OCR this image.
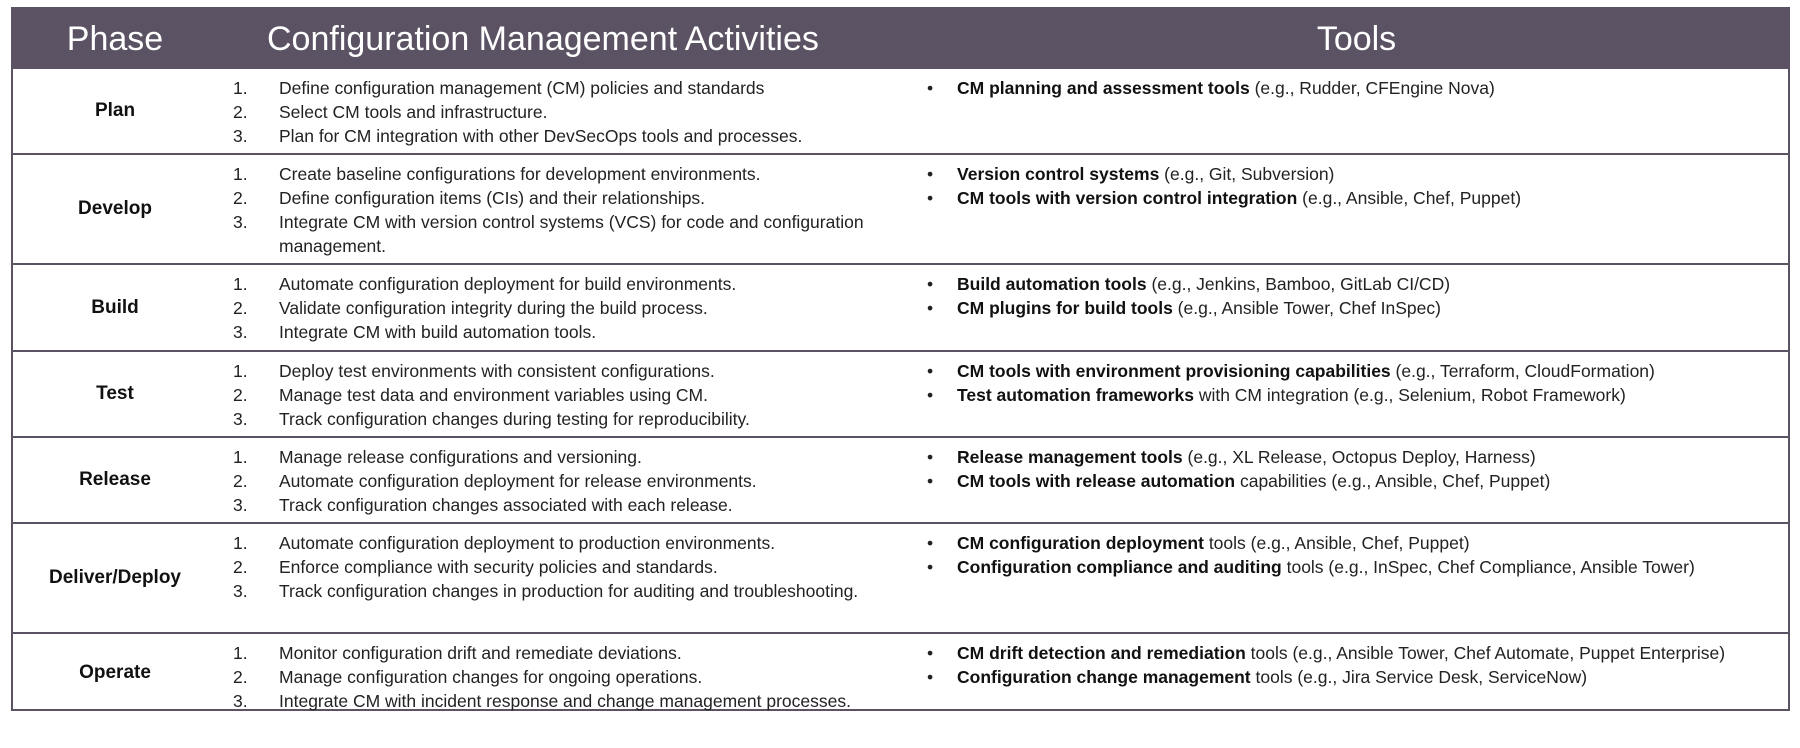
Phase	Configuration Management Activities	Tools
Plan
1.	Define configuration management (CM) policies and standards
2.	Select CM tools and infrastructure.
3.	Plan for CM integration with other DevSecOps tools and processes.
•	CM planning and assessment tools (e.g., Rudder, CFEngine Nova)
Develop
1.	Create baseline configurations for development environments.
2.	Define configuration items (CIs) and their relationships.
3.	Integrate CM with version control systems (VCS) for code and configuration management.
•	Version control systems (e.g., Git, Subversion)
•	CM tools with version control integration (e.g., Ansible, Chef, Puppet)
Build
1.	Automate configuration deployment for build environments.
2.	Validate configuration integrity during the build process.
3.	Integrate CM with build automation tools.
•	Build automation tools (e.g., Jenkins, Bamboo, GitLab CI/CD)
•	CM plugins for build tools (e.g., Ansible Tower, Chef InSpec)
Test
1.	Deploy test environments with consistent configurations.
2.	Manage test data and environment variables using CM.
3.	Track configuration changes during testing for reproducibility.
•	CM tools with environment provisioning capabilities (e.g., Terraform, CloudFormation)
•	Test automation frameworks with CM integration (e.g., Selenium, Robot Framework)
Release
1.	Manage release configurations and versioning.
2.	Automate configuration deployment for release environments.
3.	Track configuration changes associated with each release.
•	Release management tools (e.g., XL Release, Octopus Deploy, Harness)
•	CM tools with release automation capabilities (e.g., Ansible, Chef, Puppet)
Deliver/Deploy
1.	Automate configuration deployment to production environments.
2.	Enforce compliance with security policies and standards.
3.	Track configuration changes in production for auditing and troubleshooting.
•	CM configuration deployment tools (e.g., Ansible, Chef, Puppet)
•	Configuration compliance and auditing tools (e.g., InSpec, Chef Compliance, Ansible Tower)
Operate
1.	Monitor configuration drift and remediate deviations.
2.	Manage configuration changes for ongoing operations.
3.	Integrate CM with incident response and change management processes.
•	CM drift detection and remediation tools (e.g., Ansible Tower, Chef Automate, Puppet Enterprise)
•	Configuration change management tools (e.g., Jira Service Desk, ServiceNow)
